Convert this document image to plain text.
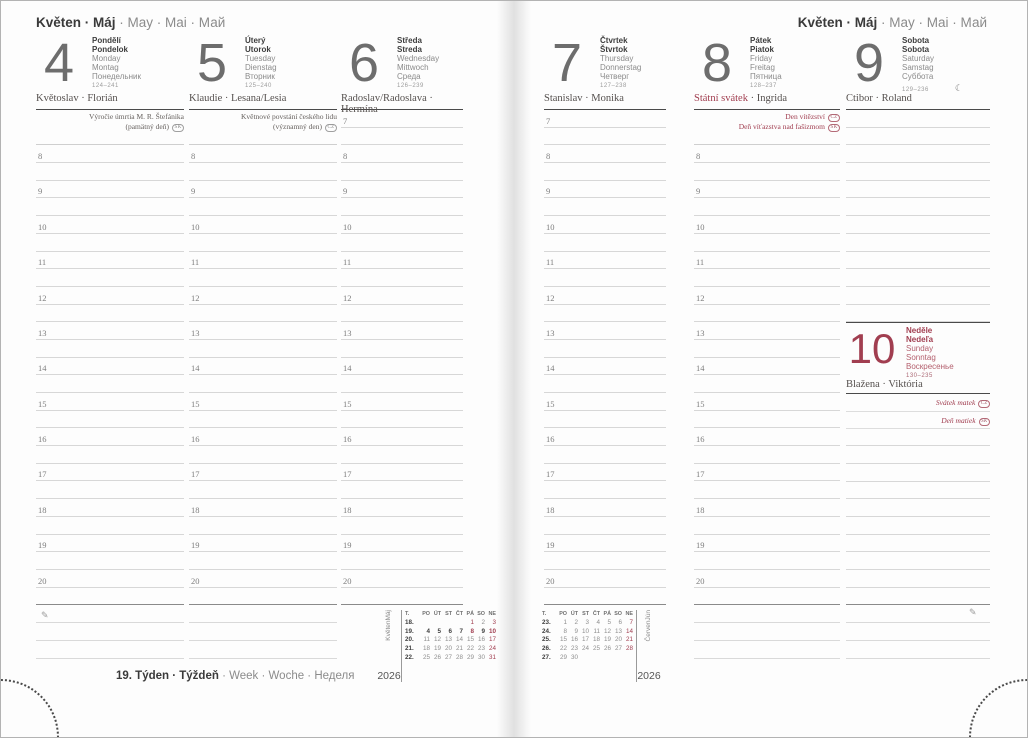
Květen · Máj · May · Mai · Май	Květen · Máj · May · Mai · Май
4	Pondělí
Pondelok
Monday
Montag
Понедельник
124–241
Květoslav · Florián
Výročie úmrtia M. R. Štefánika
(pamätný deň) SK
8
9
10
11
12
13
14
15
16
17
18
19
20
5	Úterý
Utorok
Tuesday
Dienstag
Вторник
125–240
Klaudie · Lesana/Lesia
Květnové povstání českého lidu
(významný den) CZ
8
9
10
11
12
13
14
15
16
17
18
19
20
6	Středa
Streda
Wednesday
Mittwoch
Среда
126–239
Radoslav/Radoslava · Hermína
7
8
9
10
11
12
13
14
15
16
17
18
19
20
7	Čtvrtek
Štvrtok
Thursday
Donnerstag
Четверг
127–238
Stanislav · Monika
7
8
9
10
11
12
13
14
15
16
17
18
19
20
8	Pátek
Piatok
Friday
Freitag
Пятница
128–237
Státní svátek · Ingrida
Den vítězství CZ
Deň víťazstva nad fašizmom SK
8
9
10
11
12
13
14
15
16
17
18
19
20
9	Sobota
Sobota
Saturday
Samstag
Суббота
129–236	☾
Ctibor · Roland
10	Neděle
Nedeľa
Sunday
Sonntag
Воскресенье
130–235
Blažena · Viktória
Svátek matek CZ
Deň matiek SK
KvětenMáj
2026
T.	PO	ÚT	ST	ČT	PÁ	SO	NE
18.					1	2	3
19.	4	5	6	7	8	9	10
20.	11	12	13	14	15	16	17
21.	18	19	20	21	22	23	24
22.	25	26	27	28	29	30	31
T.	PO	ÚT	ST	ČT	PÁ	SO	NE
23.	1	2	3	4	5	6	7
24.	8	9	10	11	12	13	14
25.	15	16	17	18	19	20	21
26.	22	23	24	25	26	27	28
27.	29	30					
ČervenJún
2026
19. Týden · Týždeň · Week · Woche · Неделя
✎	✎
